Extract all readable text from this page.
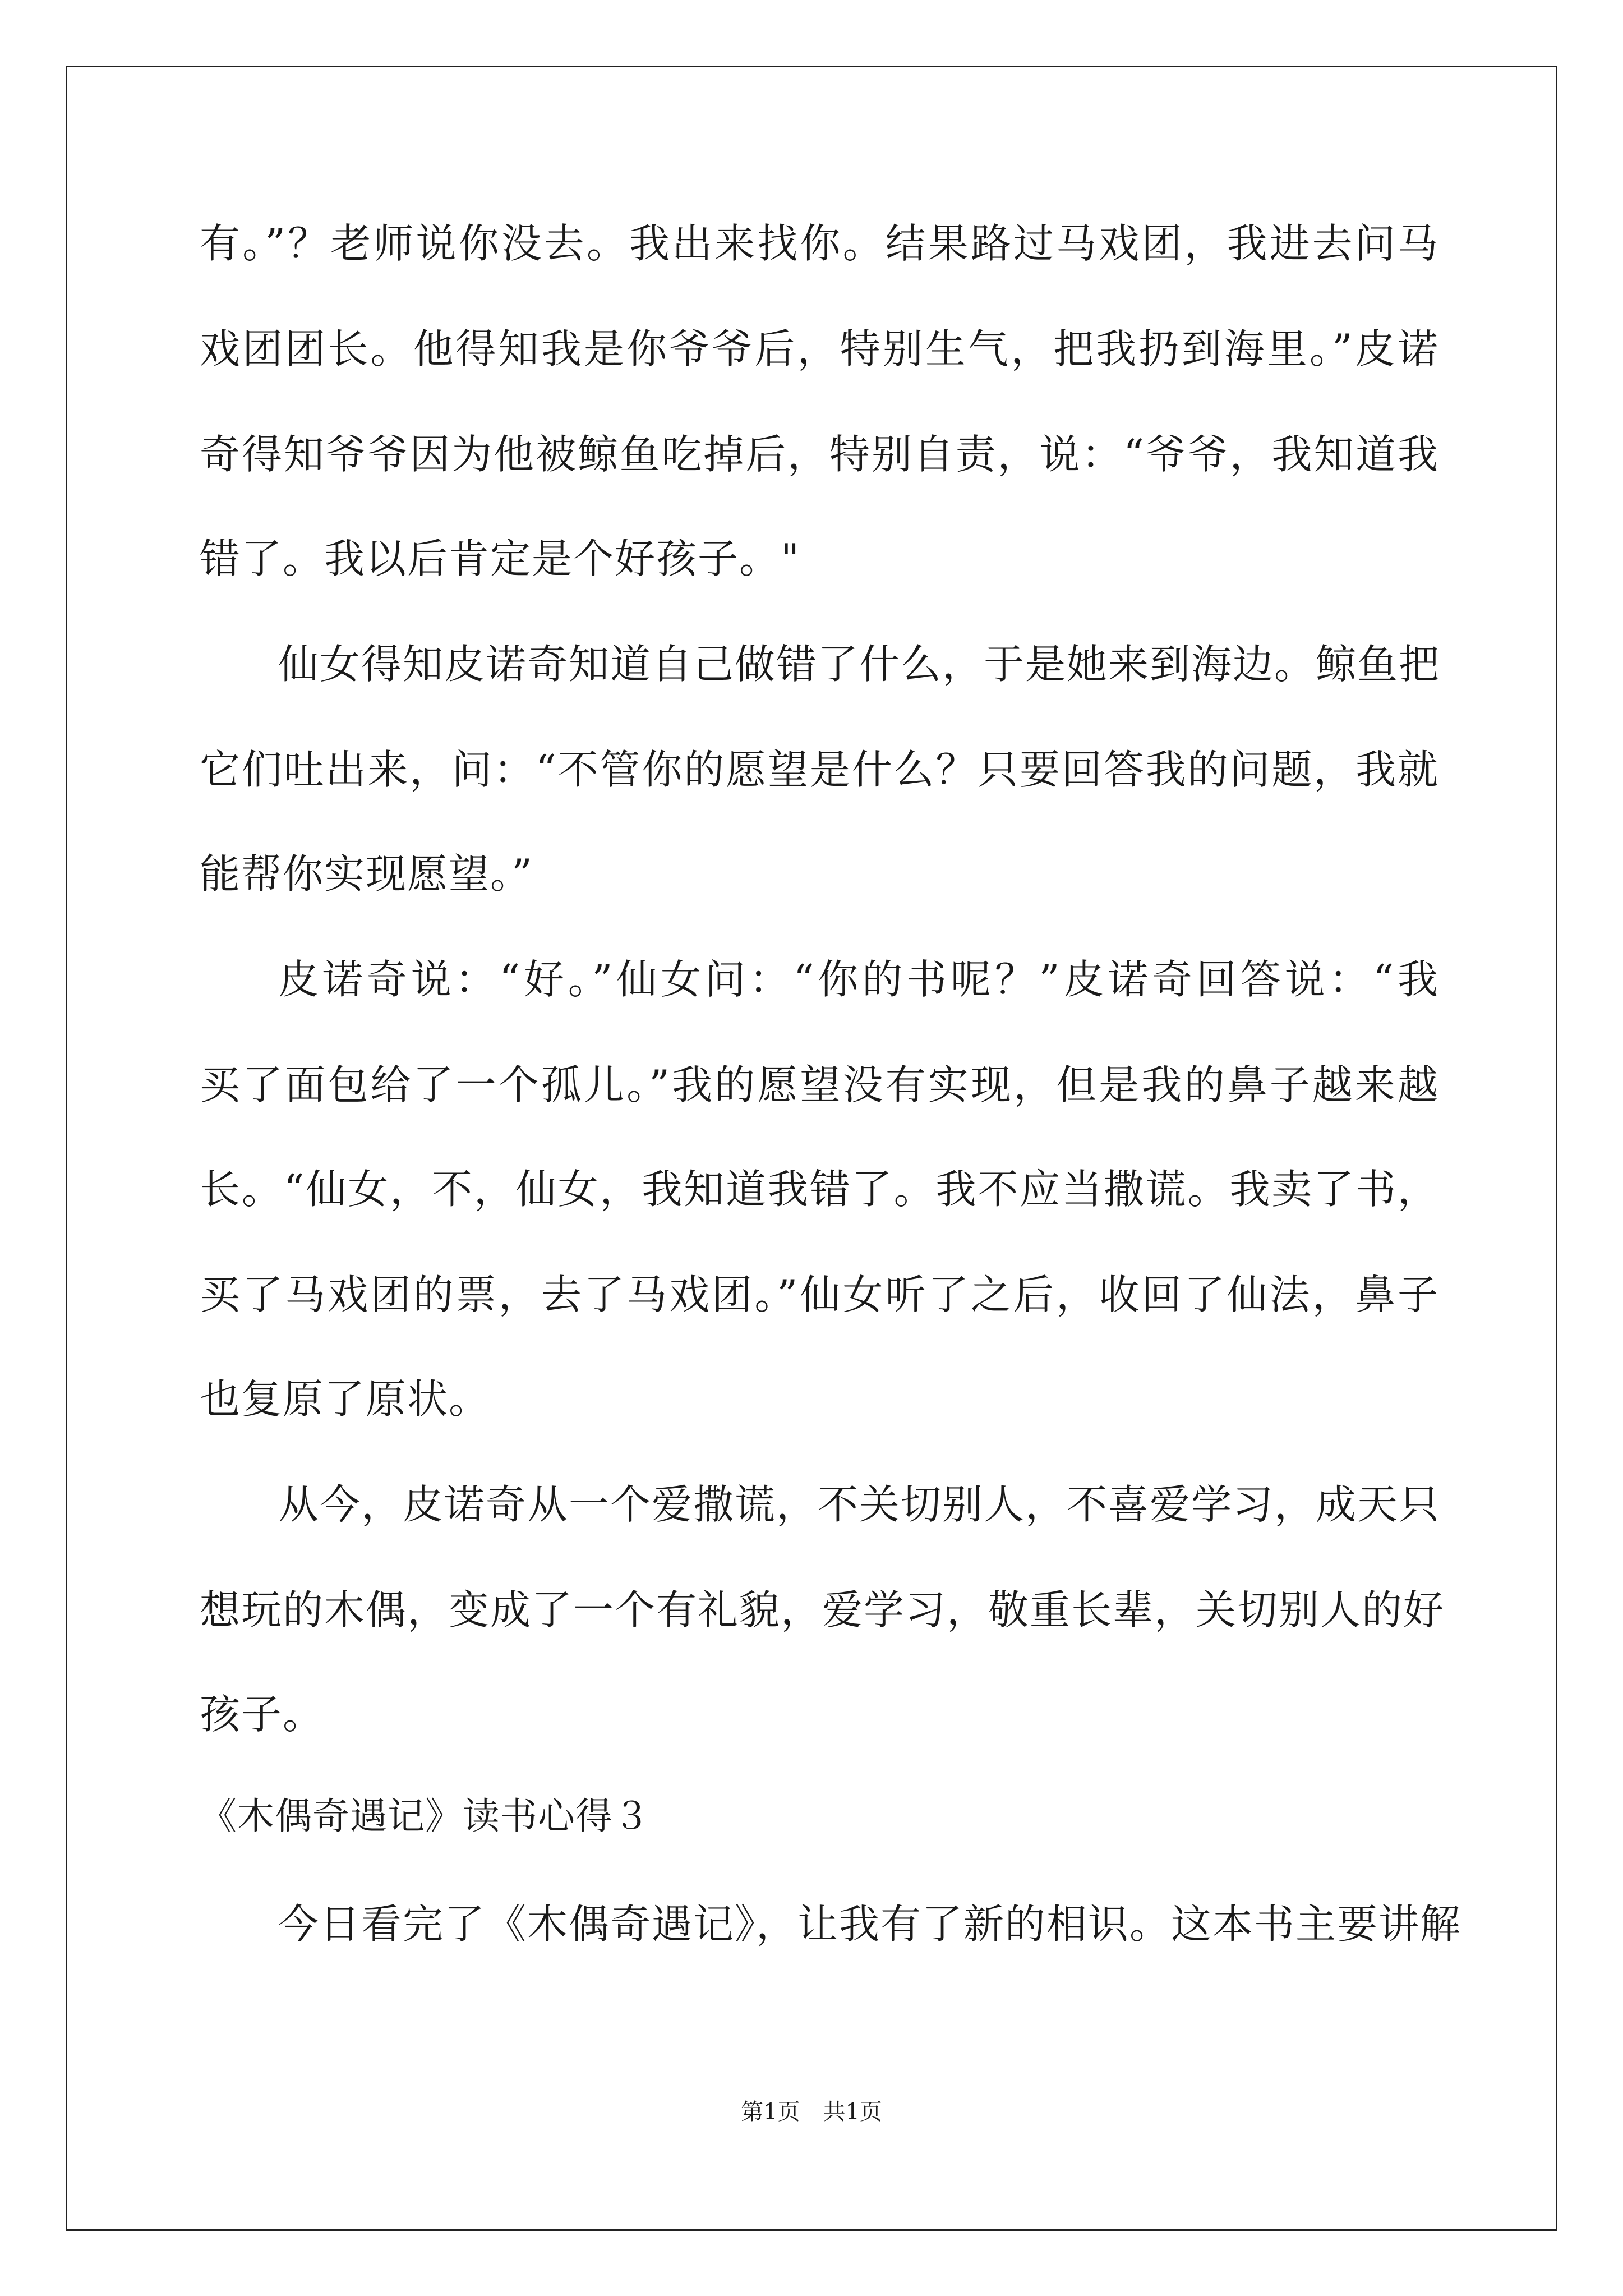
有。”？老师说你没去。我出来找你。结果路过马戏团，我进去问马
戏团团长。他得知我是你爷爷后，特别生气，把我扔到海里。”皮诺
奇得知爷爷因为他被鲸鱼吃掉后，特别自责，说：“爷爷，我知道我
错了。我以后肯定是个好孩子。"
仙女得知皮诺奇知道自己做错了什么，于是她来到海边。鲸鱼把
它们吐出来，问：“不管你的愿望是什么？只要回答我的问题，我就
能帮你实现愿望。”
皮诺奇说：“好。”仙女问：“你的书呢？”皮诺奇回答说：“我
买了面包给了一个孤儿。”我的愿望没有实现，但是我的鼻子越来越
长。“仙女，不，仙女，我知道我错了。我不应当撒谎。我卖了书，
买了马戏团的票，去了马戏团。”仙女听了之后，收回了仙法，鼻子
也复原了原状。
从今，皮诺奇从一个爱撒谎，不关切别人，不喜爱学习，成天只
想玩的木偶，变成了一个有礼貌，爱学习，敬重长辈，关切别人的好
孩子。
《木偶奇遇记》读书心得３
今日看完了《木偶奇遇记》，让我有了新的相识。这本书主要讲解
第1页 共1页
